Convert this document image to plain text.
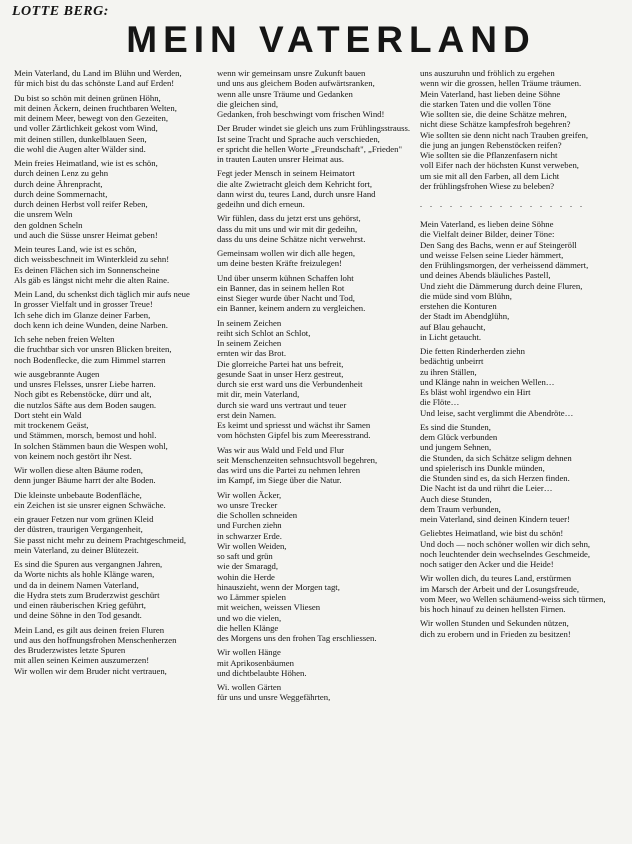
LOTTE BERG:
MEIN VATERLAND

Mein Vaterland, du Land im Blühn und Werden,
für mich bist du das schönste Land auf Erden!

Du bist so schön mit deinen grünen Höhn,
mit deinen Äckern, deinen fruchtbaren Welten,
mit deinem Meer, bewegt von den Gezeiten,
und voller Zärtlichkeit gekost vom Wind,
mit deinen stillen, dunkelblauen Seen,
die wohl die Augen alter Wälder sind.

Mein freies Heimatland, wie ist es schön,
durch deinen Lenz zu gehn
durch deine Ährenpracht,
durch deine Sommernacht,
durch deinen Herbst voll reifer Reben,
die unsrem Weln
den goldnen Scheln
und auch die Süsse unsrer Heimat geben!

Mein teures Land, wie ist es schön,
dich weissbeschneit im Winterkleid zu sehn!
Es deinen Flächen sich im Sonnenscheine
Als gäb es längst nicht mehr die alten Raine.

Mein Land, du schenkst dich täglich mir aufs neue
In grosser Vielfalt und in grosser Treue!
Ich sehe dich im Glanze deiner Farben,
doch kenn ich deine Wunden, deine Narben.

Ich sehe neben freien Welten
die fruchtbar sich vor unsren Blicken breiten,
noch Bodenflecke, die zum Himmel starren

wie ausgebrannte Augen
und unsres Flelsses, unsrer Liebe harren.
Noch gibt es Rebenstöcke, dürr und alt,
die nutzlos Säfte aus dem Boden saugen.
Dort steht ein Wald
mit trockenem Geäst,
und Stämmen, morsch, bemost und hohl.
In solchen Stämmen baun die Wespen wohl,
von keinem noch gestört ihr Nest.

Wir wollen diese alten Bäume roden,
denn junger Bäume harrt der alte Boden.

Die kleinste unbebaute Bodenfläche,
ein Zeichen ist sie unsrer eignen Schwäche.

ein grauer Fetzen nur vom grünen Kleid
der düstren, traurigen Vergangenheit,
Sie passt nicht mehr zu deinem Prachtgeschmeid,
mein Vaterland, zu deiner Blütezeit.

Es sind die Spuren aus vergangnen Jahren,
da Worte nichts als hohle Klänge waren,
und da in deinem Namen Vaterland,
die Hydra stets zum Bruderzwist geschürt
und einen räuberischen Krieg geführt,
und deine Söhne in den Tod gesandt.

Mein Land, es gilt aus deinen freien Fluren
und aus den hoffnungsfrohen Menschenherzen
des Bruderzwistes letzte Spuren
mit allen seinen Keimen auszumerzen!
Wir wollen wir dem Bruder nicht vertrauen,

wenn wir gemeinsam unsre Zukunft bauen
und uns aus gleichem Boden aufwärtsranken,
wenn alle unsre Träume und Gedanken
die gleichen sind,
Gedanken, froh beschwingt vom frischen Wind!

Der Bruder windet sie gleich uns zum Frühlingsstrauss.
Ist seine Tracht und Sprache auch verschieden,
er spricht die hellen Worte „Freundschaft", „Frieden"
in trauten Lauten unsrer Heimat aus.

Fegt jeder Mensch in seinem Heimatort
die alte Zwietracht gleich dem Kehricht fort,
dann wirst du, teures Land, durch unsre Hand
gedeihn und dich erneun.

Wir fühlen, dass du jetzt erst uns gehörst,
dass du mit uns und wir mit dir gedeihn,
dass du uns deine Schätze nicht verwehrst.

Gemeinsam wollen wir dich alle hegen,
um deine besten Kräfte freizulegen!

Und über unserm kühnen Schaffen loht
ein Banner, das in seinem hellen Rot
einst Sieger wurde über Nacht und Tod,
ein Banner, keinem andern zu vergleichen.

In seinem Zeichen
reiht sich Schlot an Schlot,
In seinem Zeichen
ernten wir das Brot.
Die glorreiche Partei hat uns befreit,
gesunde Saat in unser Herz gestreut,
durch sie erst ward uns die Verbundenheit
mit dir, mein Vaterland,
durch sie ward uns vertraut und teuer
erst dein Namen.
Es keimt und spriesst und wächst ihr Samen
vom höchsten Gipfel bis zum Meeresstrand.

Was wir aus Wald und Feld und Flur
seit Menschenzeiten sehnsuchtsvoll begehren,
das wird uns die Partei zu nehmen lehren
im Kampf, im Siege über die Natur.

Wir wollen Äcker,
wo unsre Trecker
die Schollen schneiden
und Furchen ziehn
in schwarzer Erde.
Wir wollen Weiden,
so saft und grün
wie der Smaragd,
wohin die Herde
hinauszieht, wenn der Morgen tagt,
wo Lämmer spielen
mit weichen, weissen Vliesen
und wo die vielen,
die hellen Klänge
des Morgens uns den frohen Tag erschliessen.

Wir wollen Hänge
mit Aprikosenbäumen
und dichtbelaubte Höhen.

Wi. wollen Gärten
für uns und unsre Weggefährten,

uns auszuruhn und fröhlich zu ergehen
wenn wir die grossen, hellen Träume träumen.
Mein Vaterland, hast lieben deine Söhne
die starken Taten und die vollen Töne
Wie sollten sie, die deine Schätze mehren,
nicht diese Schätze kampfesfroh begehren?
Wie sollten sie denn nicht nach Trauben greifen,
die jung an jungen Rebenstöcken reifen?
Wie sollten sie die Pflanzenfasern nicht
voll Eifer nach der höchsten Kunst verweben,
um sie mit all den Farben, all dem Licht
der frühlingsfrohen Wiese zu beleben?

. . . . . . . . . . . . . . . . .

Mein Vaterland, es lieben deine Söhne
die Vielfalt deiner Bilder, deiner Töne:
Den Sang des Bachs, wenn er auf Steingeröll
und weisse Felsen seine Lieder hämmert,
den Frühlingsmorgen, der verheissend dämmert,
und deines Abends bläuliches Pastell,
Und zieht die Dämmerung durch deine Fluren,
die müde sind vom Blühn,
erstehen die Konturen
der Stadt im Abendglühn,
auf Blau gehaucht,
in Licht getaucht.

Die fetten Rinderherden ziehn
bedächtig unbeirrt
zu ihren Ställen,
und Klänge nahn in weichen Wellen…
Es bläst wohl irgendwo ein Hirt
die Flöte…
Und leise, sacht verglimmt die Abendröte…

Es sind die Stunden,
dem Glück verbunden
und jungem Sehnen,
die Stunden, da sich Schätze seligm dehnen
und spielerisch ins Dunkle münden,
die Stunden sind es, da sich Herzen finden.
Die Nacht ist da und rührt die Leier…
Auch diese Stunden,
dem Traum verbunden,
mein Vaterland, sind deinen Kindern teuer!

Geliebtes Heimatland, wie bist du schön!
Und doch — noch schöner wollen wir dich sehn,
noch leuchtender dein wechselndes Geschmeide,
noch satiger den Acker und die Heide!

Wir wollen dich, du teures Land, erstürmen
im Marsch der Arbeit und der Losungsfreude,
vom Meer, wo Wellen schäumend-weiss sich türmen,
bis hoch hinauf zu deinen hellsten Firnen.

Wir wollen Stunden und Sekunden nützen,
dich zu erobern und in Frieden zu besitzen!
